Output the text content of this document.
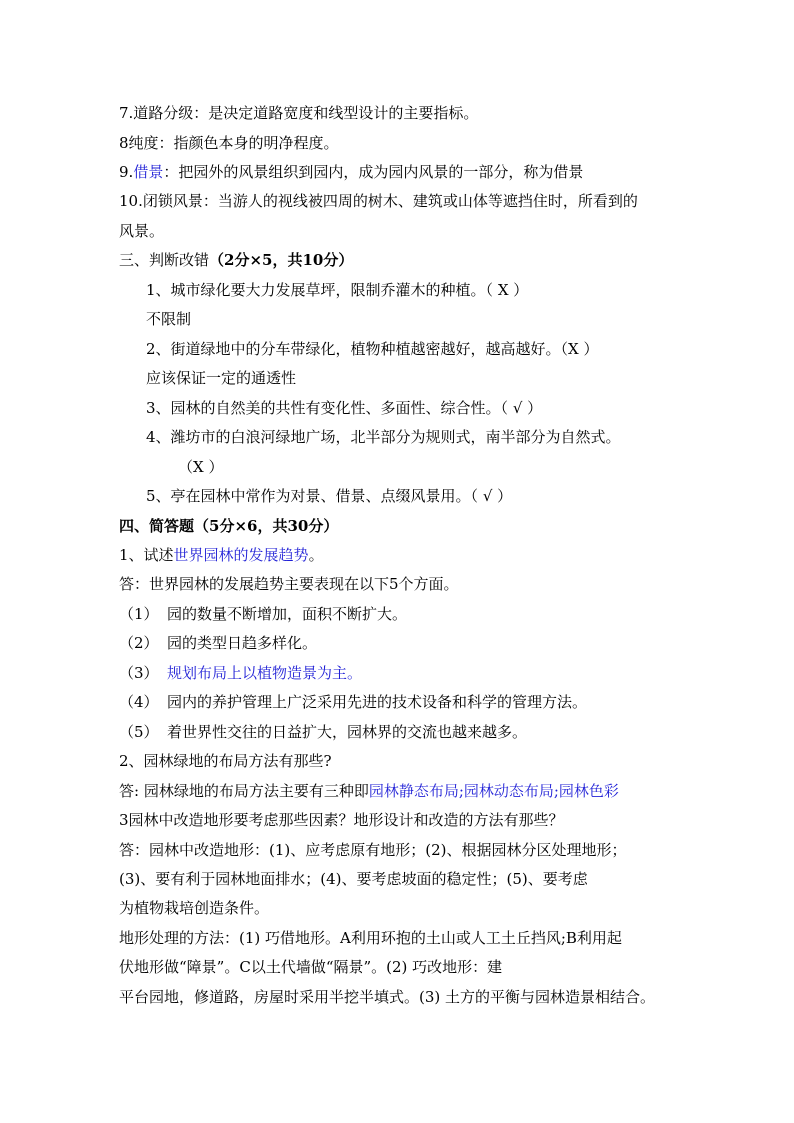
7.道路分级：是决定道路宽度和线型设计的主要指标。
8纯度：指颜色本身的明净程度。
9.借景：把园外的风景组织到园内，成为园内风景的一部分，称为借景
10.闭锁风景：当游人的视线被四周的树木、建筑或山体等遮挡住时，所看到的
风景。
三、判断改错（2分×5，共10分）
1、城市绿化要大力发展草坪，限制乔灌木的种植。（ X ）
不限制
2、街道绿地中的分车带绿化，植物种植越密越好，越高越好。（X ）
应该保证一定的通透性
3、园林的自然美的共性有变化性、多面性、综合性。（ √ ）
4、潍坊市的白浪河绿地广场，北半部分为规则式，南半部分为自然式。
（X ）
5、亭在园林中常作为对景、借景、点缀风景用。（ √ ）
四、简答题（5分×6，共30分）
1、试述世界园林的发展趋势。
答：世界园林的发展趋势主要表现在以下5个方面。
（1） 园的数量不断增加，面积不断扩大。
（2） 园的类型日趋多样化。
（3） 规划布局上以植物造景为主。
（4） 园内的养护管理上广泛采用先进的技术设备和科学的管理方法。
（5） 着世界性交往的日益扩大，园林界的交流也越来越多。
2、园林绿地的布局方法有那些?
答: 园林绿地的布局方法主要有三种即园林静态布局;园林动态布局;园林色彩
3园林中改造地形要考虑那些因素？地形设计和改造的方法有那些？
答：园林中改造地形：(1)、应考虑原有地形；(2)、根据园林分区处理地形；
(3)、要有利于园林地面排水；(4)、要考虑坡面的稳定性；(5)、要考虑
为植物栽培创造条件。
地形处理的方法：(1) 巧借地形。A利用环抱的土山或人工土丘挡风;B利用起
伏地形做“障景”。C以土代墙做“隔景”。(2) 巧改地形：建
平台园地，修道路，房屋时采用半挖半填式。(3) 土方的平衡与园林造景相结合。
